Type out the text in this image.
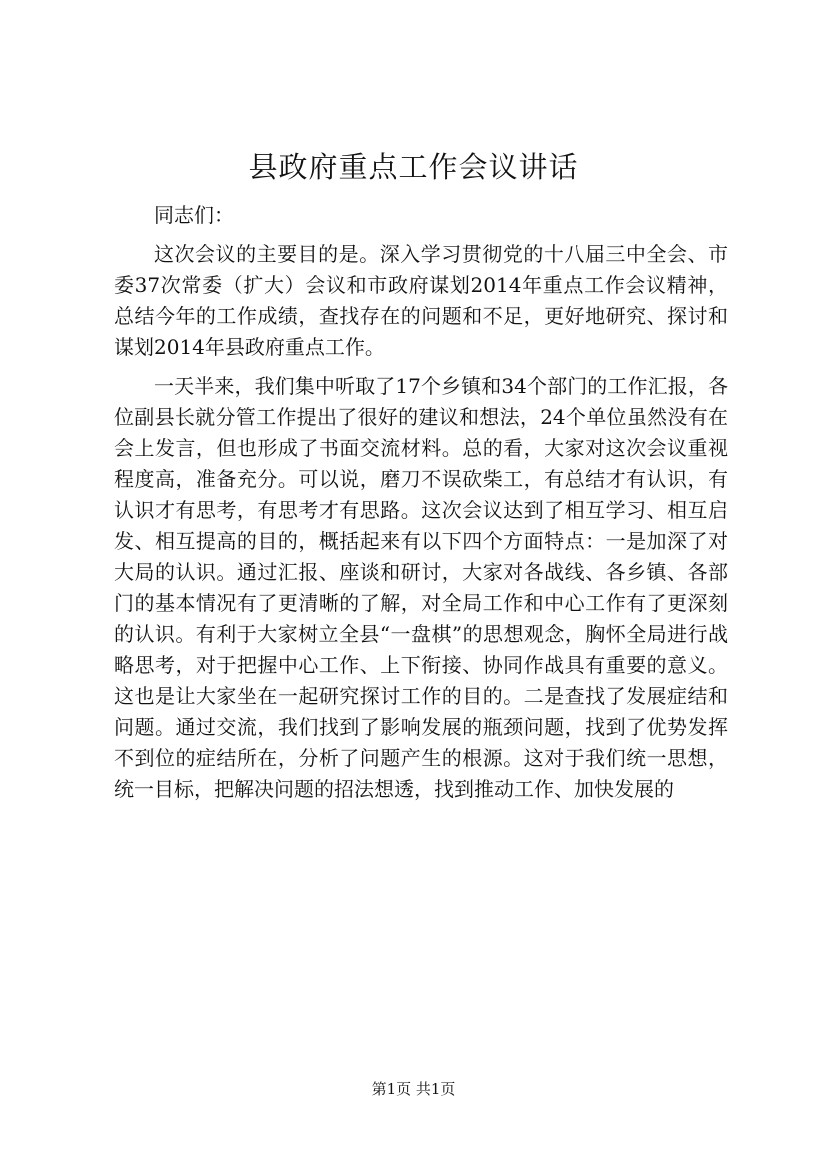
县政府重点工作会议讲话

同志们：

这次会议的主要目的是。深入学习贯彻党的十八届三中全会、市委37次常委（扩大）会议和市政府谋划2014年重点工作会议精神，总结今年的工作成绩，查找存在的问题和不足，更好地研究、探讨和谋划2014年县政府重点工作。

一天半来，我们集中听取了17个乡镇和34个部门的工作汇报，各位副县长就分管工作提出了很好的建议和想法，24个单位虽然没有在会上发言，但也形成了书面交流材料。总的看，大家对这次会议重视程度高，准备充分。可以说，磨刀不误砍柴工，有总结才有认识，有认识才有思考，有思考才有思路。这次会议达到了相互学习、相互启发、相互提高的目的，概括起来有以下四个方面特点：一是加深了对大局的认识。通过汇报、座谈和研讨，大家对各战线、各乡镇、各部门的基本情况有了更清晰的了解，对全局工作和中心工作有了更深刻的认识。有利于大家树立全县“一盘棋”的思想观念，胸怀全局进行战略思考，对于把握中心工作、上下衔接、协同作战具有重要的意义。这也是让大家坐在一起研究探讨工作的目的。二是查找了发展症结和问题。通过交流，我们找到了影响发展的瓶颈问题，找到了优势发挥不到位的症结所在，分析了问题产生的根源。这对于我们统一思想，统一目标，把解决问题的招法想透，找到推动工作、加快发展的

第1页 共1页
